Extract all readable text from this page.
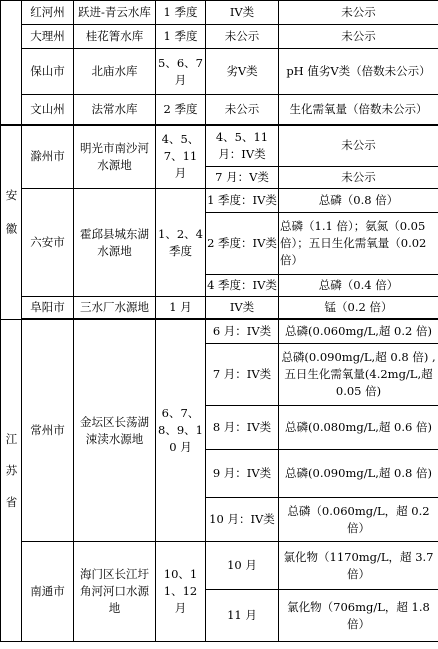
	红河州	跃进-青云水库	1 季度	IV类	未公示
	大理州	桂花箐水库	1 季度	未公示	未公示
	保山市	北庙水库	5、6、7月	劣V类	pH 值劣V类（倍数未公示）
	文山州	法常水库	2 季度	未公示	生化需氧量（倍数未公示）
安徽	滁州市	明光市南沙河水源地	4、5、7、11 月	4、5、11 月：IV类	未公示
				7 月：V类	未公示
	六安市	霍邱县城东湖水源地	1、2、4 季度	1 季度：IV类	总磷（0.8 倍）
				2 季度：IV类	总磷（1.1 倍）；氨氮（0.05 倍）；五日生化需氧量（0.02 倍）
				4 季度：IV类	总磷（0.4 倍）
	阜阳市	三水厂水源地	1 月	IV类	锰（0.2 倍）

江苏省	常州市	金坛区长荡湖涑渎水源地	6、7、8、9、10 月	6 月：IV类	总磷(0.060mg/L,超 0.2 倍)
				7 月：IV类	总磷(0.090mg/L,超 0.8 倍) ,五日生化需氧量(4.2mg/L,超 0.05 倍)
				8 月：IV类	总磷(0.080mg/L,超 0.6 倍)
				9 月：IV类	总磷(0.090mg/L,超 0.8 倍)
				10 月：IV类	总磷（0.060mg/L，超 0.2 倍）
	南通市	海门区长江圩角河河口水源地	10、11、12 月	10 月	氯化物（1170mg/L，超 3.7 倍）
				11 月	氯化物（706mg/L，超 1.8 倍）
